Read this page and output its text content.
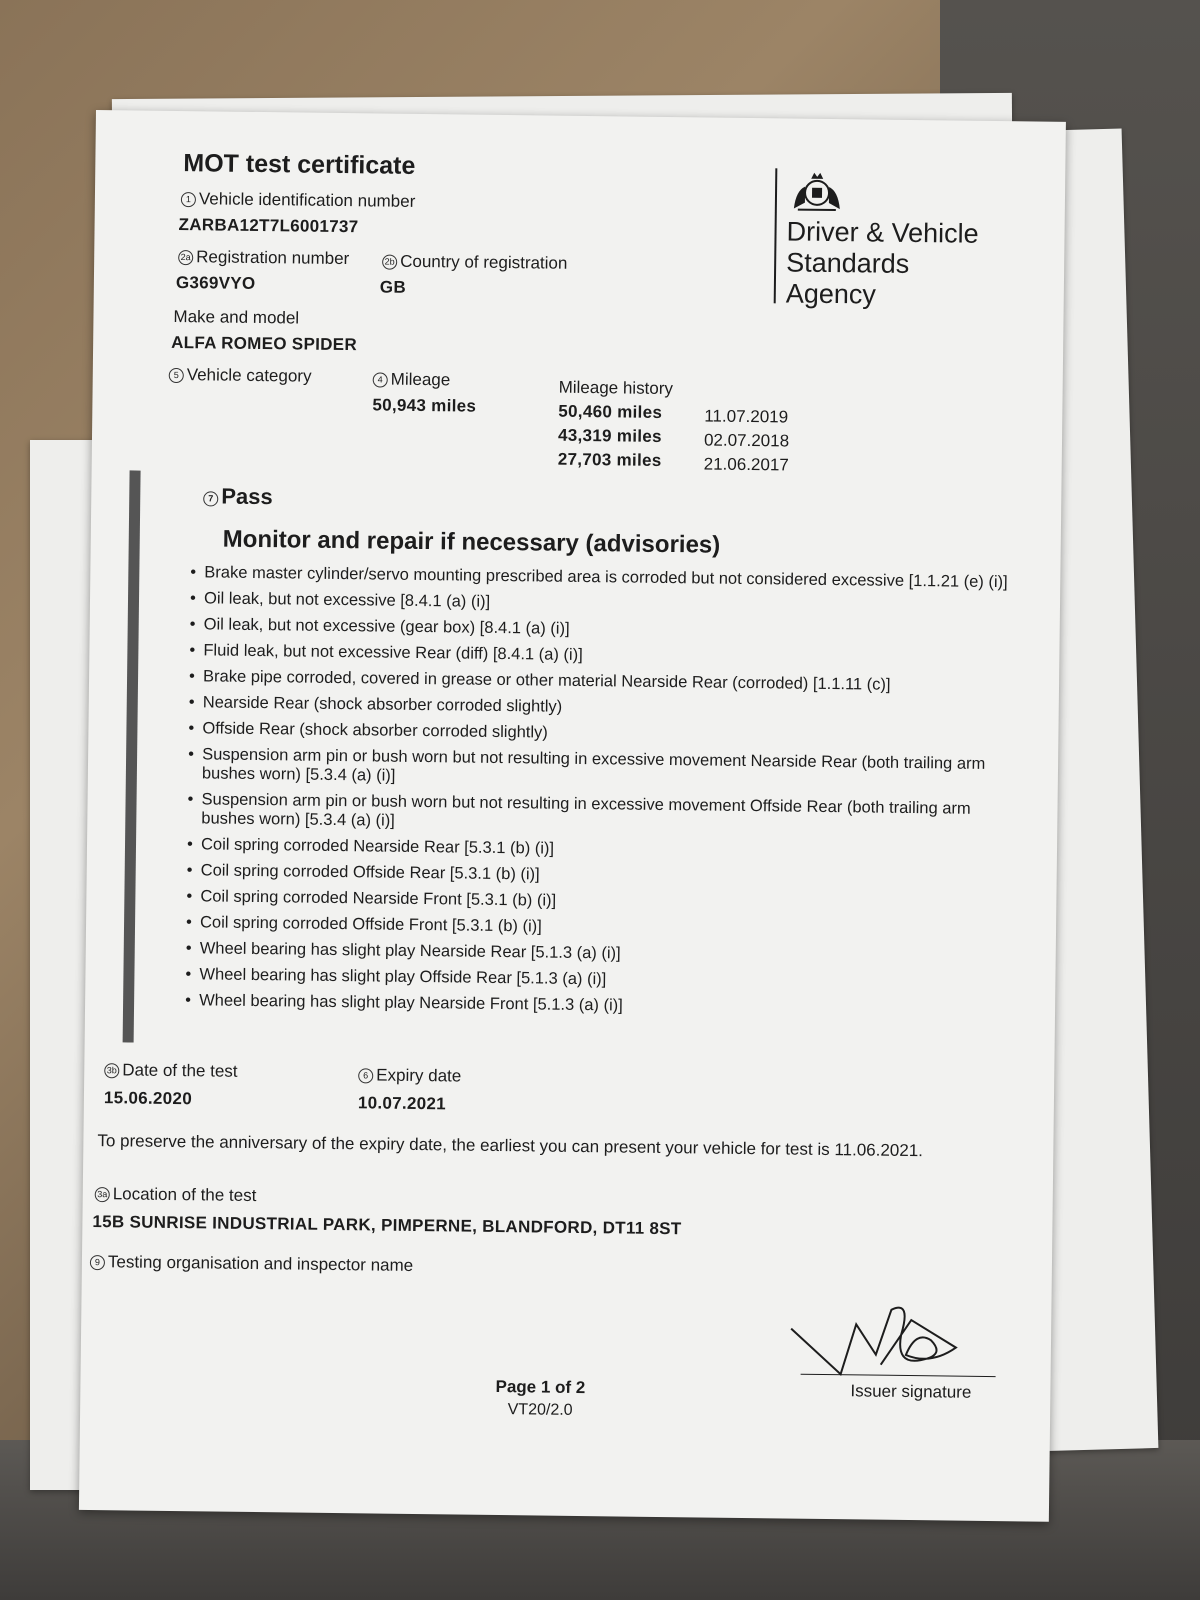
MOT test certificate
1 Vehicle identification number
ZARBA12T7L6001737
2a Registration number
G369VYO
2b Country of registration
GB
Make and model
ALFA ROMEO SPIDER
5 Vehicle category	4 Mileage
50,943 miles
Mileage history
50,460 miles 11.07.2019
43,319 miles 02.07.2018
27,703 miles 21.06.2017
Driver & Vehicle
Standards
Agency
7 Pass
Monitor and repair if necessary (advisories)
• Brake master cylinder/servo mounting prescribed area is corroded but not considered excessive [1.1.21 (e) (i)]
• Oil leak, but not excessive [8.4.1 (a) (i)]
• Oil leak, but not excessive (gear box) [8.4.1 (a) (i)]
• Fluid leak, but not excessive Rear (diff) [8.4.1 (a) (i)]
• Brake pipe corroded, covered in grease or other material Nearside Rear (corroded) [1.1.11 (c)]
• Nearside Rear (shock absorber corroded slightly)
• Offside Rear (shock absorber corroded slightly)
• Suspension arm pin or bush worn but not resulting in excessive movement Nearside Rear (both trailing arm bushes worn) [5.3.4 (a) (i)]
• Suspension arm pin or bush worn but not resulting in excessive movement Offside Rear (both trailing arm bushes worn) [5.3.4 (a) (i)]
• Coil spring corroded Nearside Rear [5.3.1 (b) (i)]
• Coil spring corroded Offside Rear [5.3.1 (b) (i)]
• Coil spring corroded Nearside Front [5.3.1 (b) (i)]
• Coil spring corroded Offside Front [5.3.1 (b) (i)]
• Wheel bearing has slight play Nearside Rear [5.1.3 (a) (i)]
• Wheel bearing has slight play Offside Rear [5.1.3 (a) (i)]
• Wheel bearing has slight play Nearside Front [5.1.3 (a) (i)]
3b Date of the test
15.06.2020
6 Expiry date
10.07.2021
To preserve the anniversary of the expiry date, the earliest you can present your vehicle for test is 11.06.2021.
3a Location of the test
15B SUNRISE INDUSTRIAL PARK, PIMPERNE, BLANDFORD, DT11 8ST
9 Testing organisation and inspector name
Issuer signature
Page 1 of 2
VT20/2.0
